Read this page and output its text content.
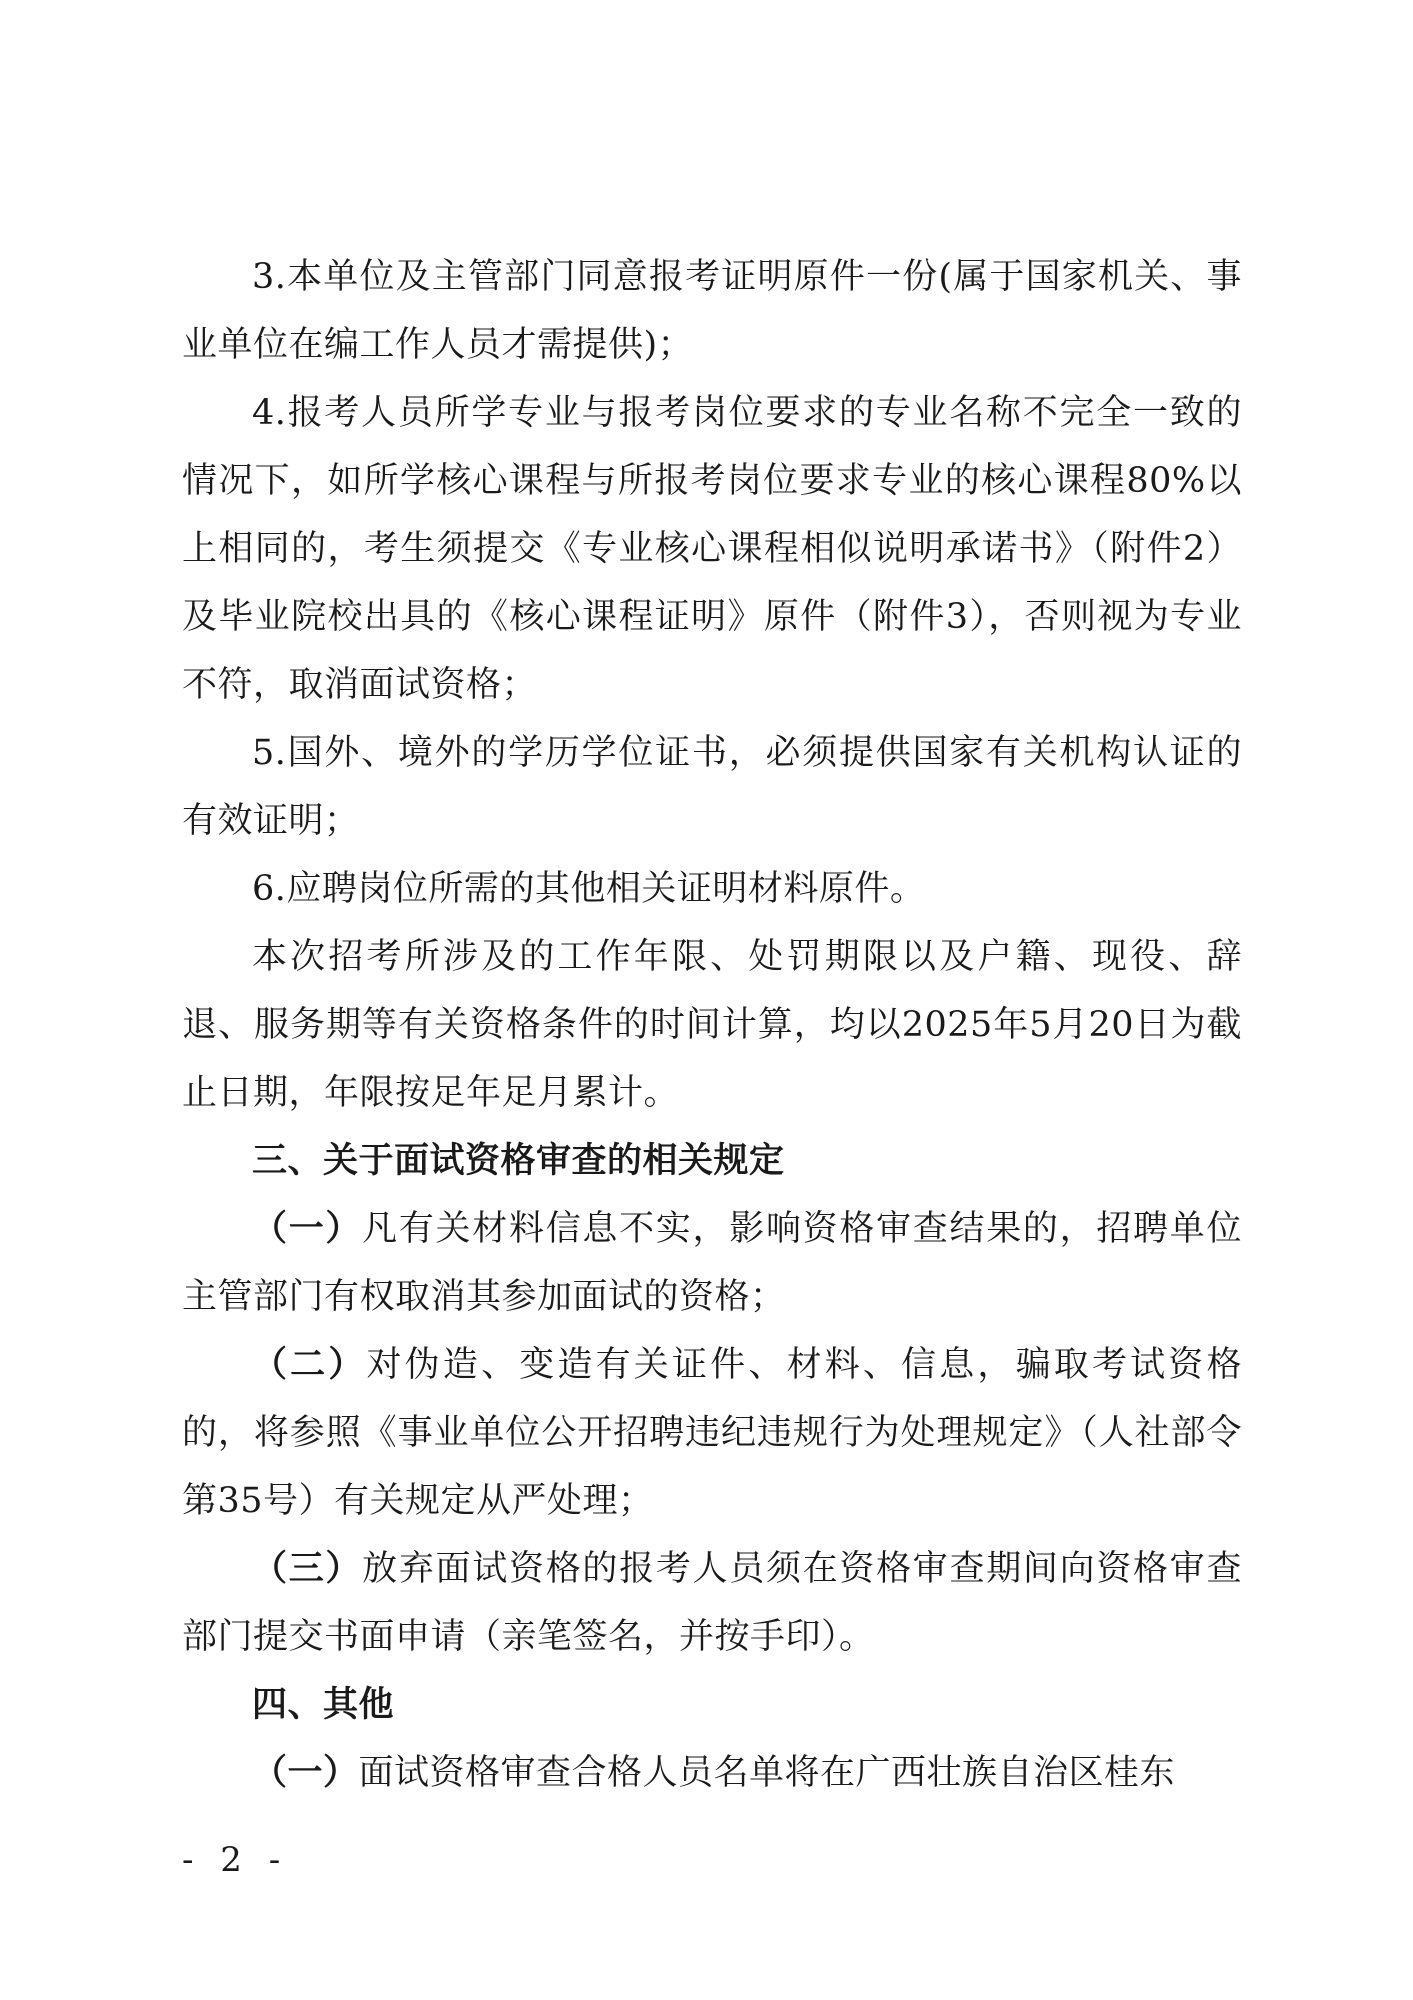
3.本单位及主管部门同意报考证明原件一份(属于国家机关、事业单位在编工作人员才需提供)；

4.报考人员所学专业与报考岗位要求的专业名称不完全一致的情况下，如所学核心课程与所报考岗位要求专业的核心课程80%以上相同的，考生须提交《专业核心课程相似说明承诺书》（附件2）及毕业院校出具的《核心课程证明》原件（附件3），否则视为专业不符，取消面试资格；

5.国外、境外的学历学位证书，必须提供国家有关机构认证的有效证明；

6.应聘岗位所需的其他相关证明材料原件。

本次招考所涉及的工作年限、处罚期限以及户籍、现役、辞退、服务期等有关资格条件的时间计算，均以2025年5月20日为截止日期，年限按足年足月累计。

三、关于面试资格审查的相关规定

（一）凡有关材料信息不实，影响资格审查结果的，招聘单位主管部门有权取消其参加面试的资格；

（二）对伪造、变造有关证件、材料、信息，骗取考试资格的，将参照《事业单位公开招聘违纪违规行为处理规定》（人社部令第35号）有关规定从严处理；

（三）放弃面试资格的报考人员须在资格审查期间向资格审查部门提交书面申请（亲笔签名，并按手印）。

四、其他

（一）面试资格审查合格人员名单将在广西壮族自治区桂东

- 2 -
